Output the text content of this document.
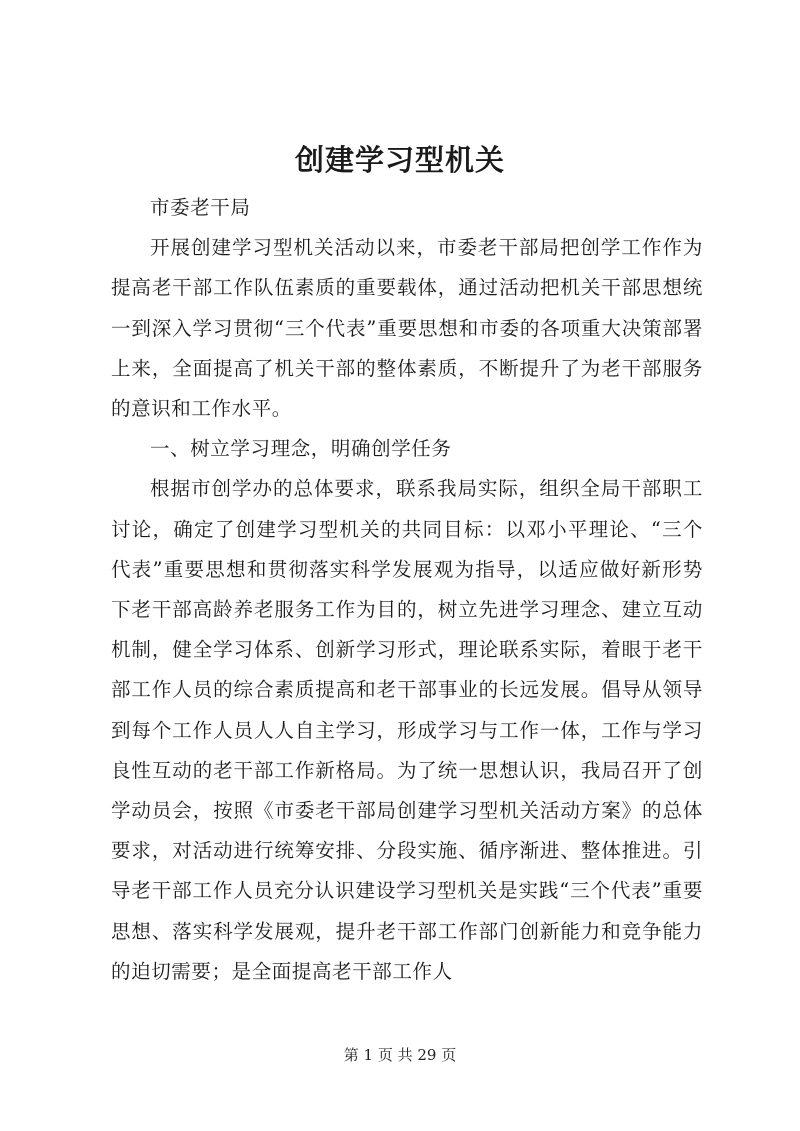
创建学习型机关

市委老干局

开展创建学习型机关活动以来，市委老干部局把创学工作作为提高老干部工作队伍素质的重要载体，通过活动把机关干部思想统一到深入学习贯彻“三个代表”重要思想和市委的各项重大决策部署上来，全面提高了机关干部的整体素质，不断提升了为老干部服务的意识和工作水平。

一、树立学习理念，明确创学任务

根据市创学办的总体要求，联系我局实际，组织全局干部职工讨论，确定了创建学习型机关的共同目标：以邓小平理论、“三个代表”重要思想和贯彻落实科学发展观为指导，以适应做好新形势下老干部高龄养老服务工作为目的，树立先进学习理念、建立互动机制，健全学习体系、创新学习形式，理论联系实际，着眼于老干部工作人员的综合素质提高和老干部事业的长远发展。倡导从领导到每个工作人员人人自主学习，形成学习与工作一体，工作与学习良性互动的老干部工作新格局。为了统一思想认识，我局召开了创学动员会，按照《市委老干部局创建学习型机关活动方案》的总体要求，对活动进行统筹安排、分段实施、循序渐进、整体推进。引导老干部工作人员充分认识建设学习型机关是实践“三个代表”重要思想、落实科学发展观，提升老干部工作部门创新能力和竞争能力的迫切需要；是全面提高老干部工作人

第 1 页 共 29 页
